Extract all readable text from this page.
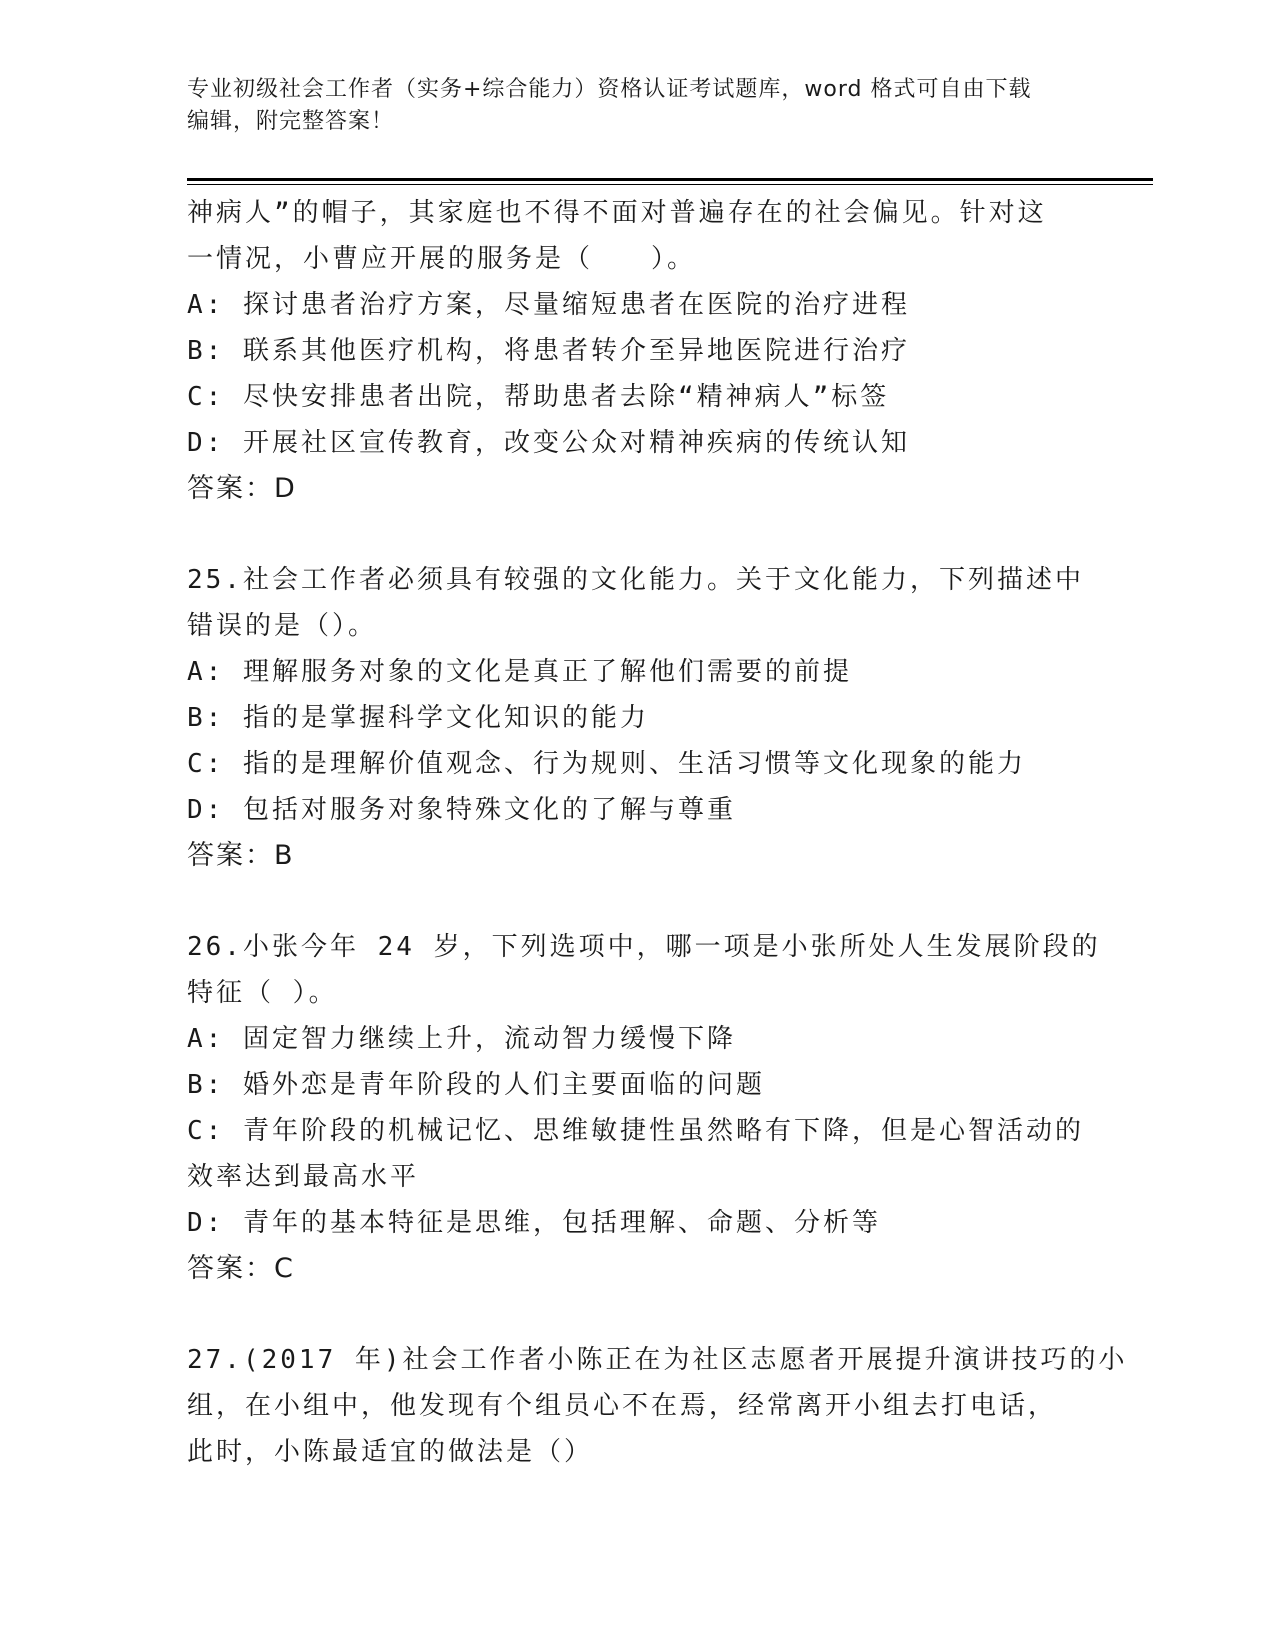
专业初级社会工作者（实务+综合能力）资格认证考试题库，word 格式可自由下载
编辑，附完整答案！
神病人”的帽子，其家庭也不得不面对普遍存在的社会偏见。针对这
一情况，小曹应开展的服务是（　　）。
A: 探讨患者治疗方案，尽量缩短患者在医院的治疗进程
B: 联系其他医疗机构，将患者转介至异地医院进行治疗
C: 尽快安排患者出院，帮助患者去除“精神病人”标签
D: 开展社区宣传教育，改变公众对精神疾病的传统认知
答案：D
25.社会工作者必须具有较强的文化能力。关于文化能力，下列描述中
错误的是（）。
A: 理解服务对象的文化是真正了解他们需要的前提
B: 指的是掌握科学文化知识的能力
C: 指的是理解价值观念、行为规则、生活习惯等文化现象的能力
D: 包括对服务对象特殊文化的了解与尊重
答案：B
26.小张今年 24 岁，下列选项中，哪一项是小张所处人生发展阶段的
特征（ ）。
A: 固定智力继续上升，流动智力缓慢下降
B: 婚外恋是青年阶段的人们主要面临的问题
C: 青年阶段的机械记忆、思维敏捷性虽然略有下降，但是心智活动的
效率达到最高水平
D: 青年的基本特征是思维，包括理解、命题、分析等
答案：C
27.(2017 年)社会工作者小陈正在为社区志愿者开展提升演讲技巧的小
组，在小组中，他发现有个组员心不在焉，经常离开小组去打电话，
此时，小陈最适宜的做法是（）
